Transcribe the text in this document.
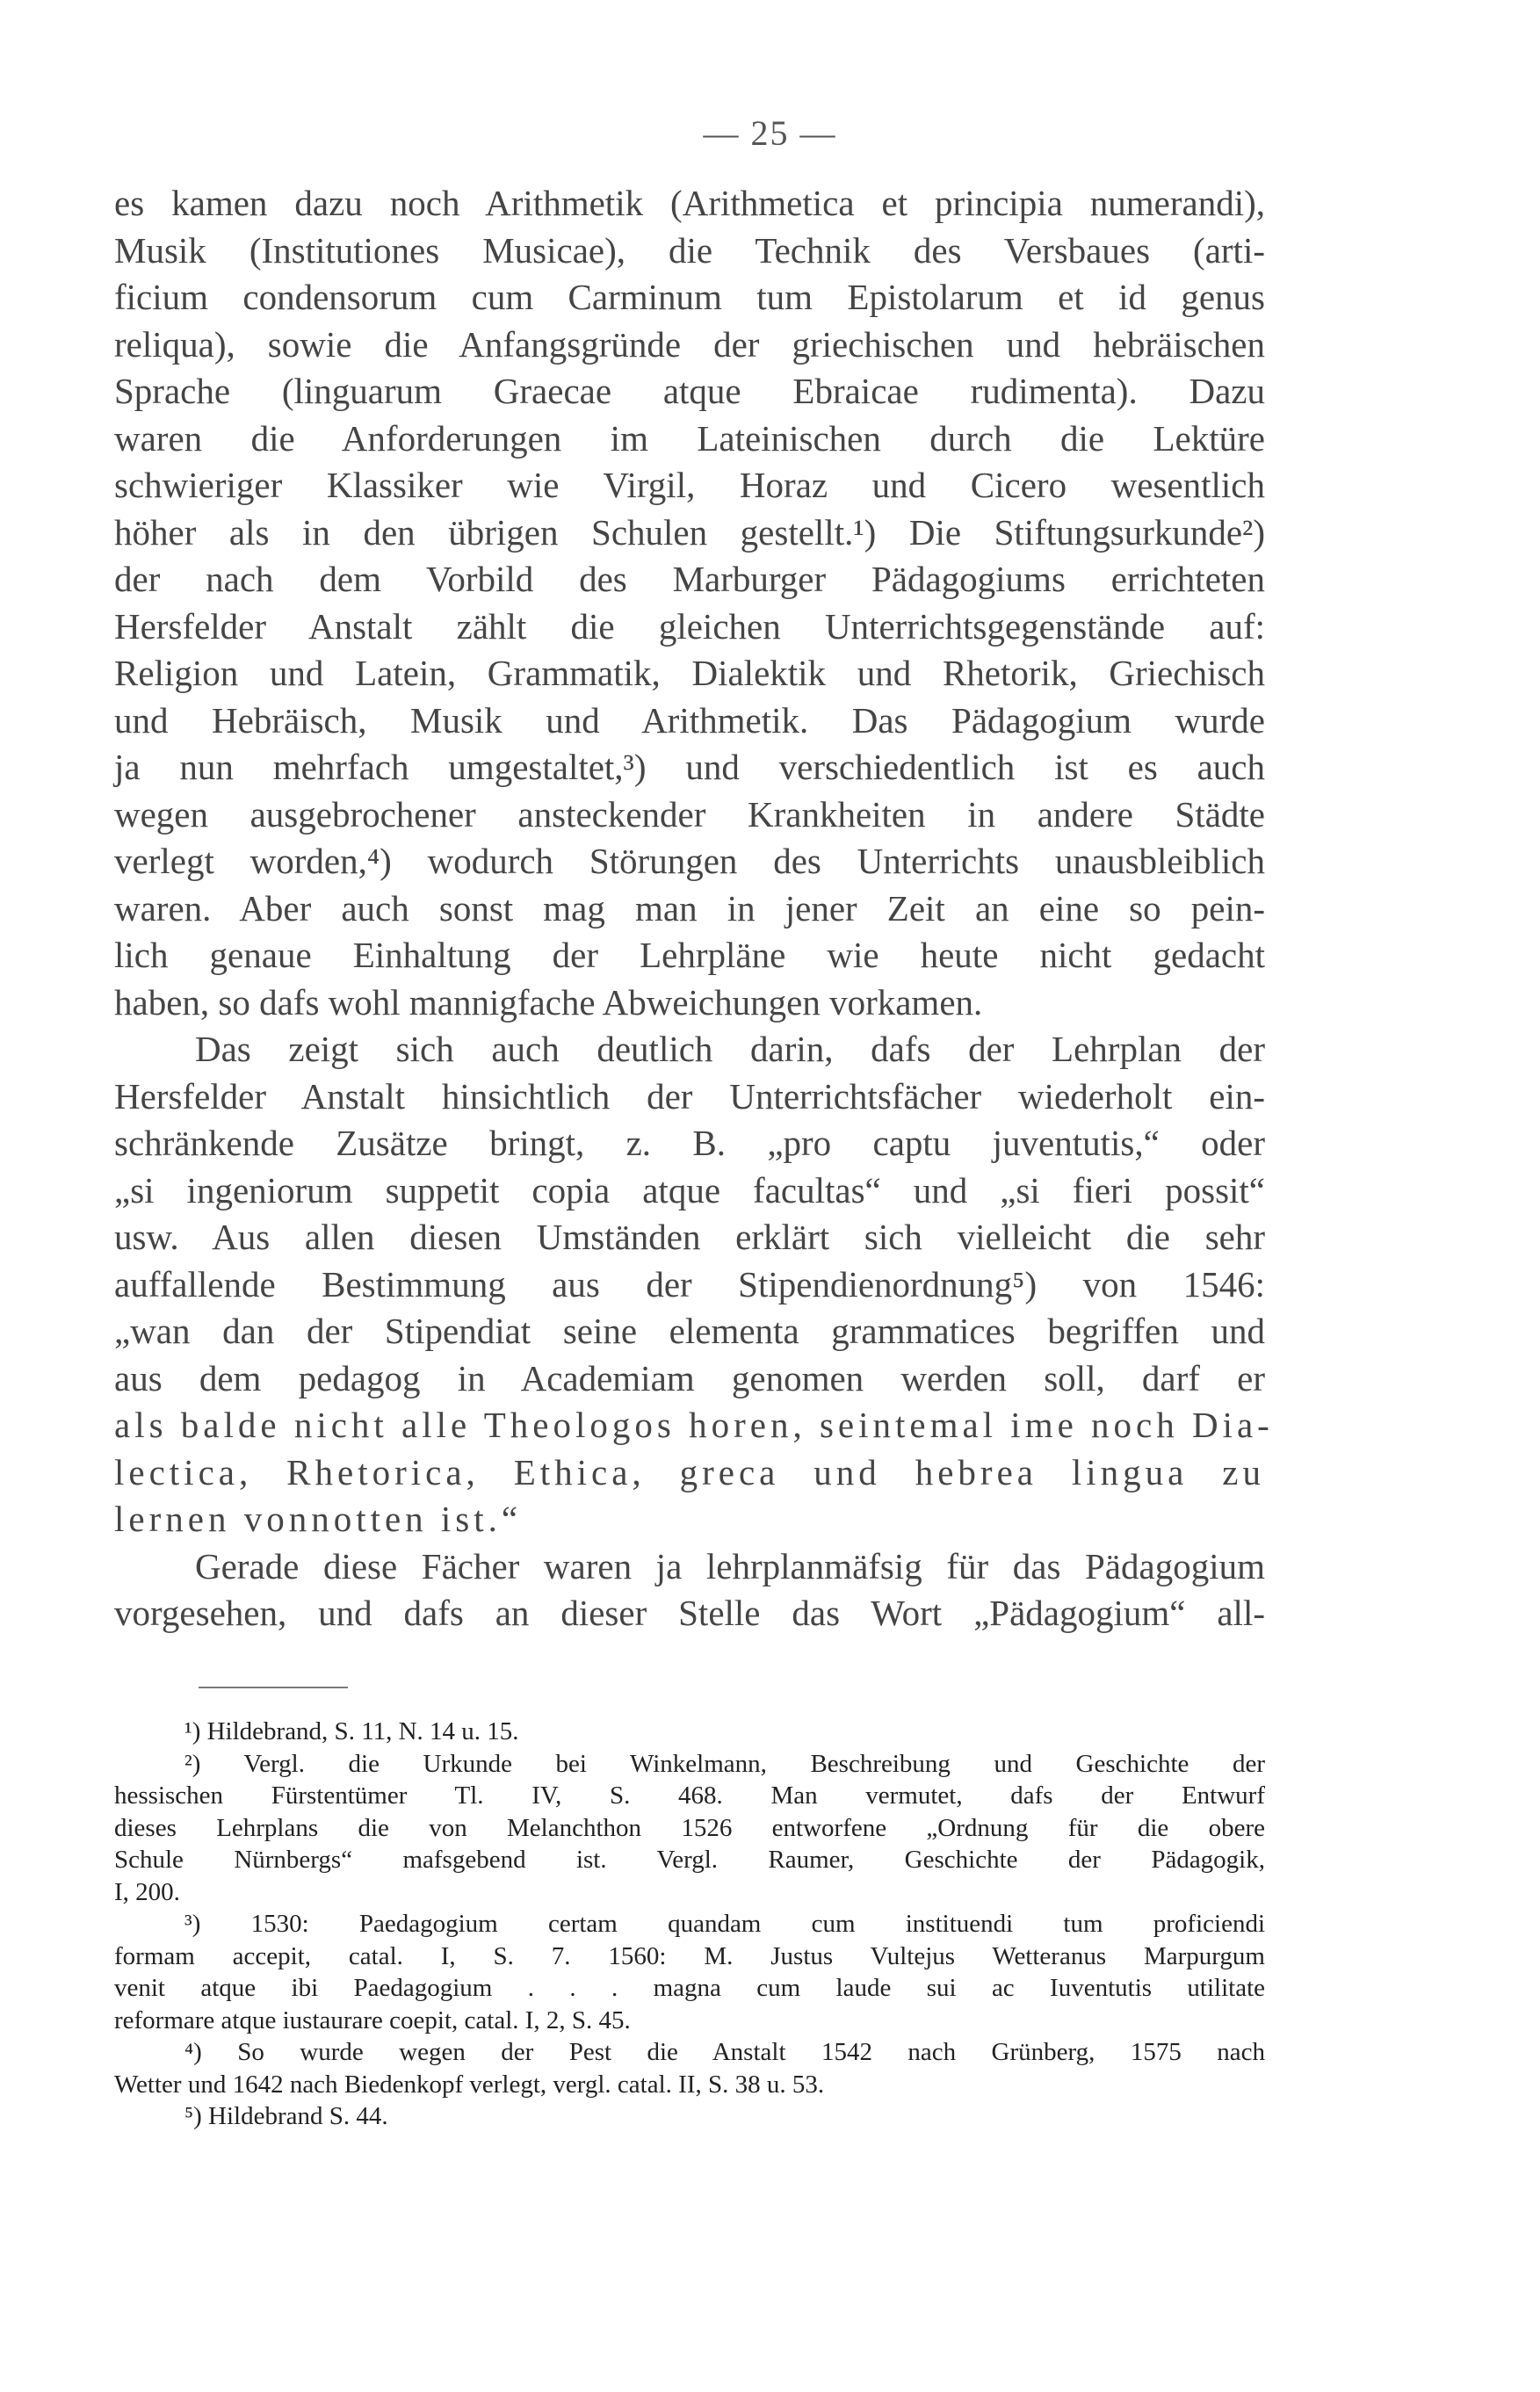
— 25 —
es kamen dazu noch Arithmetik (Arithmetica et principia numerandi),
Musik (Institutiones Musicae), die Technik des Versbaues (arti-
ficium condensorum cum Carminum tum Epistolarum et id genus
reliqua), sowie die Anfangsgründe der griechischen und hebräischen
Sprache (linguarum Graecae atque Ebraicae rudimenta). Dazu
waren die Anforderungen im Lateinischen durch die Lektüre
schwieriger Klassiker wie Virgil, Horaz und Cicero wesentlich
höher als in den übrigen Schulen gestellt.¹) Die Stiftungsurkunde²)
der nach dem Vorbild des Marburger Pädagogiums errichteten
Hersfelder Anstalt zählt die gleichen Unterrichtsgegenstände auf:
Religion und Latein, Grammatik, Dialektik und Rhetorik, Griechisch
und Hebräisch, Musik und Arithmetik. Das Pädagogium wurde
ja nun mehrfach umgestaltet,³) und verschiedentlich ist es auch
wegen ausgebrochener ansteckender Krankheiten in andere Städte
verlegt worden,⁴) wodurch Störungen des Unterrichts unausbleiblich
waren. Aber auch sonst mag man in jener Zeit an eine so pein-
lich genaue Einhaltung der Lehrpläne wie heute nicht gedacht
haben, so dafs wohl mannigfache Abweichungen vorkamen.
Das zeigt sich auch deutlich darin, dafs der Lehrplan der
Hersfelder Anstalt hinsichtlich der Unterrichtsfächer wiederholt ein-
schränkende Zusätze bringt, z. B. „pro captu juventutis,“ oder
„si ingeniorum suppetit copia atque facultas“ und „si fieri possit“
usw. Aus allen diesen Umständen erklärt sich vielleicht die sehr
auffallende Bestimmung aus der Stipendienordnung⁵) von 1546:
„wan dan der Stipendiat seine elementa grammatices begriffen und
aus dem pedagog in Academiam genomen werden soll, darf er
als balde nicht alle Theologos horen, seintemal ime noch Dia-
lectica, Rhetorica, Ethica, greca und hebrea lingua zu
lernen vonnotten ist.“
Gerade diese Fächer waren ja lehrplanmäfsig für das Pädagogium
vorgesehen, und dafs an dieser Stelle das Wort „Pädagogium“ all-
¹) Hildebrand, S. 11, N. 14 u. 15.
²) Vergl. die Urkunde bei Winkelmann, Beschreibung und Geschichte der
hessischen Fürstentümer Tl. IV, S. 468. Man vermutet, dafs der Entwurf
dieses Lehrplans die von Melanchthon 1526 entworfene „Ordnung für die obere
Schule Nürnbergs“ mafsgebend ist. Vergl. Raumer, Geschichte der Pädagogik,
I, 200.
³) 1530: Paedagogium certam quandam cum instituendi tum proficiendi
formam accepit, catal. I, S. 7. 1560: M. Justus Vultejus Wetteranus Marpurgum
venit atque ibi Paedagogium . . . magna cum laude sui ac Iuventutis utilitate
reformare atque iustaurare coepit, catal. I, 2, S. 45.
⁴) So wurde wegen der Pest die Anstalt 1542 nach Grünberg, 1575 nach
Wetter und 1642 nach Biedenkopf verlegt, vergl. catal. II, S. 38 u. 53.
⁵) Hildebrand S. 44.
